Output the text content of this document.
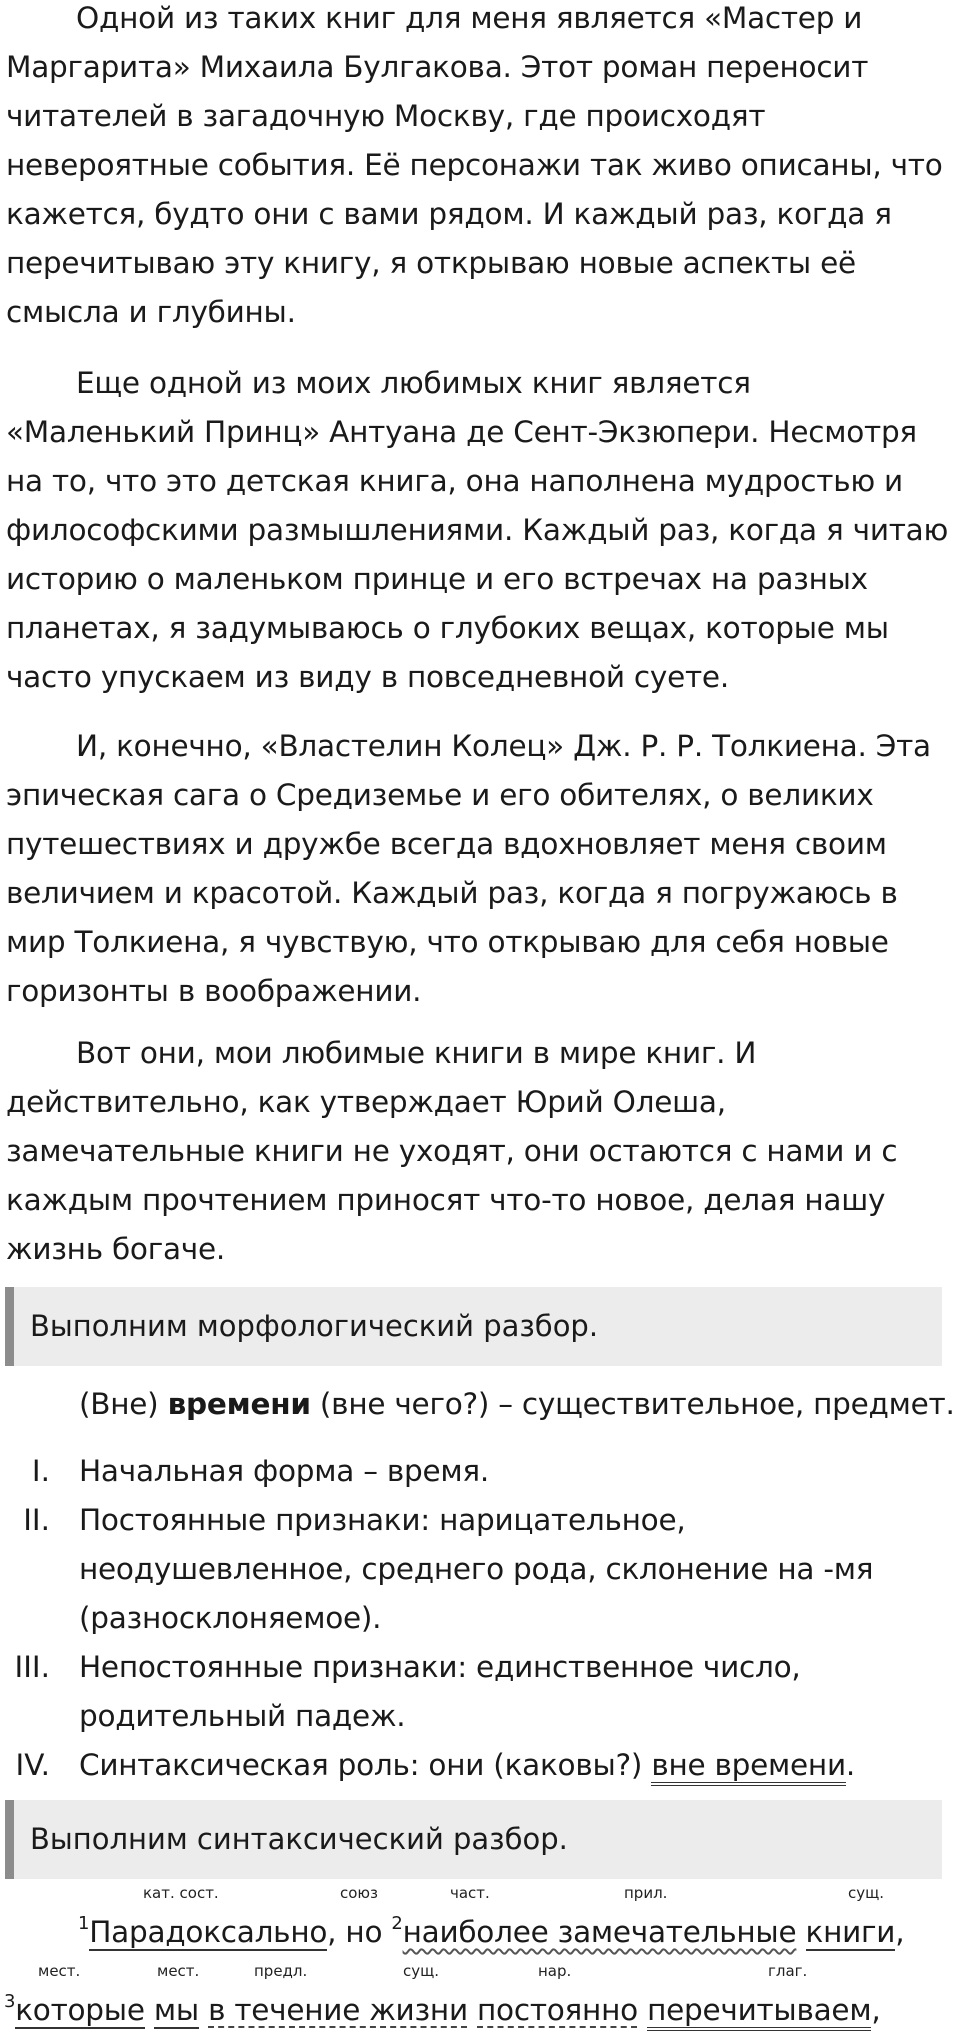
Одной из таких книг для меня является «Мастер и
Маргарита» Михаила Булгакова. Этот роман переносит
читателей в загадочную Москву, где происходят
невероятные события. Её персонажи так живо описаны, что
кажется, будто они с вами рядом. И каждый раз, когда я
перечитываю эту книгу, я открываю новые аспекты её
смысла и глубины.
Еще одной из моих любимых книг является
«Маленький Принц» Антуана де Сент-Экзюпери. Несмотря
на то, что это детская книга, она наполнена мудростью и
философскими размышлениями. Каждый раз, когда я читаю
историю о маленьком принце и его встречах на разных
планетах, я задумываюсь о глубоких вещах, которые мы
часто упускаем из виду в повседневной суете.
И, конечно, «Властелин Колец» Дж. Р. Р. Толкиена. Эта
эпическая сага о Средиземье и его обителях, о великих
путешествиях и дружбе всегда вдохновляет меня своим
величием и красотой. Каждый раз, когда я погружаюсь в
мир Толкиена, я чувствую, что открываю для себя новые
горизонты в воображении.
Вот они, мои любимые книги в мире книг. И
действительно, как утверждает Юрий Олеша,
замечательные книги не уходят, они остаются с нами и с
каждым прочтением приносят что-то новое, делая нашу
жизнь богаче.
Выполним морфологический разбор.
(Вне) времени (вне чего?) – существительное, предмет.
I. Начальная форма – время.
II. Постоянные признаки: нарицательное,
неодушевленное, среднего рода, склонение на -мя
(разносклоняемое).
III. Непостоянные признаки: единственное число,
родительный падеж.
IV. Синтаксическая роль: они (каковы?) вне времени.
Выполним синтаксический разбор.
кат. сост.	союз	част.	прил.	сущ.
$^1$Парадоксально, но $^2$наиболее замечательные книги,
мест.	мест.	предл.	сущ.	нар.	глаг.
$^3$которые мы в течение жизни постоянно перечитываем,
